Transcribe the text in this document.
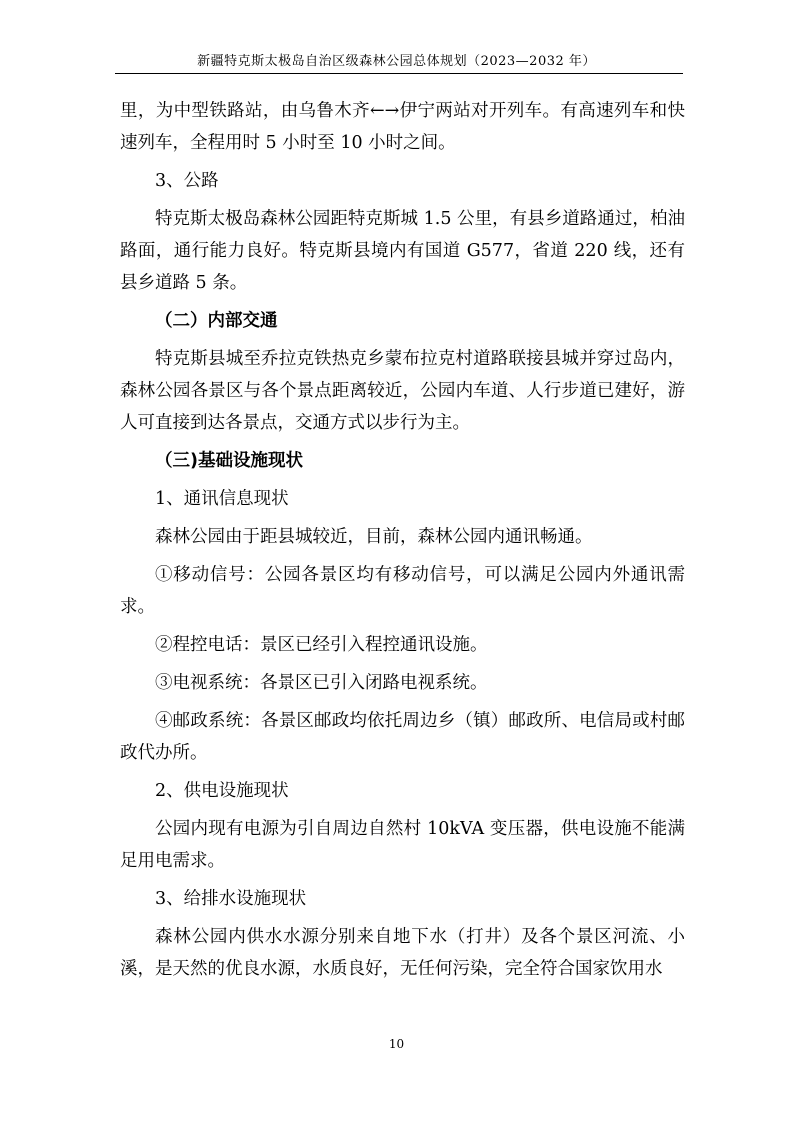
新疆特克斯太极岛自治区级森林公园总体规划（2023—2032 年）

里，为中型铁路站，由乌鲁木齐←→伊宁两站对开列车。有高速列车和快速列车，全程用时 5 小时至 10 小时之间。

3、公路

特克斯太极岛森林公园距特克斯城 1.5 公里，有县乡道路通过，柏油路面，通行能力良好。特克斯县境内有国道 G577，省道 220 线，还有县乡道路 5 条。

（二）内部交通

特克斯县城至乔拉克铁热克乡蒙布拉克村道路联接县城并穿过岛内，森林公园各景区与各个景点距离较近，公园内车道、人行步道已建好，游人可直接到达各景点，交通方式以步行为主。

（三)基础设施现状

1、通讯信息现状

森林公园由于距县城较近，目前，森林公园内通讯畅通。

①移动信号：公园各景区均有移动信号，可以满足公园内外通讯需求。

②程控电话：景区已经引入程控通讯设施。

③电视系统：各景区已引入闭路电视系统。

④邮政系统：各景区邮政均依托周边乡（镇）邮政所、电信局或村邮政代办所。

2、供电设施现状

公园内现有电源为引自周边自然村 10kVA 变压器，供电设施不能满足用电需求。

3、给排水设施现状

森林公园内供水水源分别来自地下水（打井）及各个景区河流、小溪，是天然的优良水源，水质良好，无任何污染，完全符合国家饮用水

10
